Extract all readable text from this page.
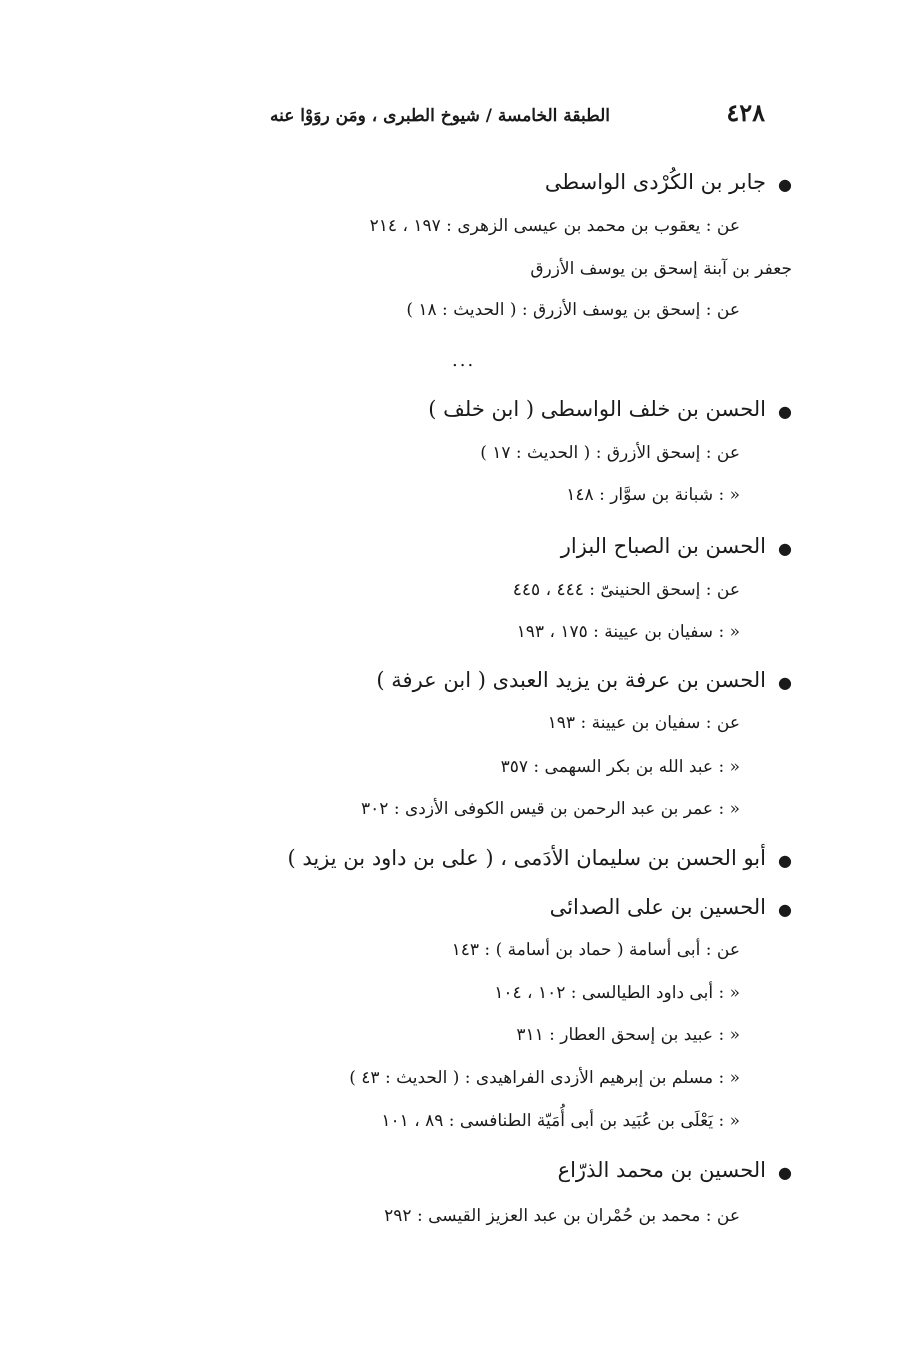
٤٢٨
الطبقة الخامسة / شيوخ الطبرى ، ومَن روَوْا عنه
●
جابر بن الكُرْدى الواسطى
عن : يعقوب بن محمد بن عيسى الزهرى : ١٩٧ ، ٢١٤
جعفر بن آبنة إسحق بن يوسف الأزرق
عن : إسحق بن يوسف الأزرق : ( الحديث : ١٨ )
...
●
الحسن بن خلف الواسطى ( ابن خلف )
عن : إسحق الأزرق : ( الحديث : ١٧ )
« : شبانة بن سوَّار : ١٤٨
●
الحسن بن الصباح البزار
عن : إسحق الحنينىّ : ٤٤٤ ، ٤٤٥
« : سفيان بن عيينة : ١٧٥ ، ١٩٣
●
الحسن بن عرفة بن يزيد العبدى ( ابن عرفة )
عن : سفيان بن عيينة : ١٩٣
« : عبد الله بن بكر السهمى : ٣٥٧
« : عمر بن عبد الرحمن بن قيس الكوفى الأزدى : ٣٠٢
●
أبو الحسن بن سليمان الأدَمى ، ( على بن داود بن يزيد )
●
الحسين بن على الصدائى
عن : أبى أسامة ( حماد بن أسامة ) : ١٤٣
« : أبى داود الطيالسى : ١٠٢ ، ١٠٤
« : عبيد بن إسحق العطار : ٣١١
« : مسلم بن إبرهيم الأزدى الفراهيدى : ( الحديث : ٤٣ )
« : يَعْلَى بن عُبَيد بن أبى أُمَيّة الطنافسى : ٨٩ ، ١٠١
●
الحسين بن محمد الذرّاع
عن : محمد بن حُمْران بن عبد العزيز القيسى : ٢٩٢
